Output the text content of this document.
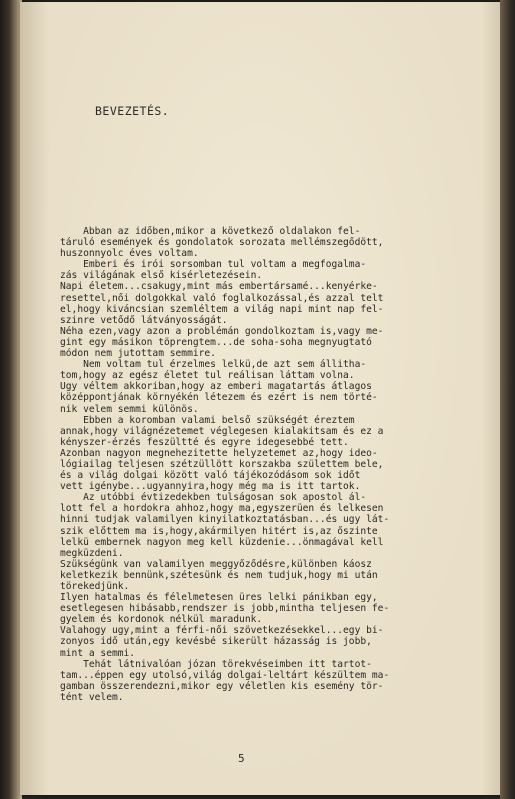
BEVEZETÉS.
Abban az időben,mikor a következő oldalakon fel-
táruló események és gondolatok sorozata mellémszegődött,
huszonnyolc éves voltam.
Emberi és irói sorsomban tul voltam a megfogalma-
zás világának első kisérletezésein.
Napi életem...csakugy,mint más embertársamé...kenyérke-
resettel,női dolgokkal való foglalkozással,és azzal telt
el,hogy kiváncsian szemléltem a világ napi mint nap fel-
szinre vetődő látványosságát.
Néha ezen,vagy azon a problémán gondolkoztam is,vagy me-
gint egy másikon töprengtem...de soha-soha megnyugtató
módon nem jutottam semmire.
Nem voltam tul érzelmes lelkü,de azt sem állitha-
tom,hogy az egész életet tul reálisan láttam volna.
Ugy véltem akkoriban,hogy az emberi magatartás átlagos
középpontjának környékén létezem és ezért is nem törté-
nik velem semmi különös.
Ebben a koromban valami belső szükségét éreztem
annak,hogy világnézetemet véglegesen kialakitsam és ez a
kényszer-érzés feszültté és egyre idegesebbé tett.
Azonban nagyon megnehezitette helyzetemet az,hogy ideo-
lógiailag teljesen szétzüllött korszakba születtem bele,
és a világ dolgai között való tájékozódásom sok időt
vett igénybe...ugyannyira,hogy még ma is itt tartok.
Az utóbbi évtizedekben tulságosan sok apostol ál-
lott fel a hordokra ahhoz,hogy ma,egyszerüen és lelkesen
hinni tudjak valamilyen kinyilatkoztatásban...és ugy lát-
szik előttem ma is,hogy,akármilyen hitért is,az őszinte
lelkü embernek nagyon meg kell küzdenie...önmagával kell
megküzdeni.
Szükségünk van valamilyen meggyőződésre,különben káosz
keletkezik bennünk,szétesünk és nem tudjuk,hogy mi után
törekedjünk.
Ilyen hatalmas és félelmetesen üres lelki pánikban egy,
esetlegesen hibásabb,rendszer is jobb,mintha teljesen fe-
gyelem és kordonok nélkül maradunk.
Valahogy ugy,mint a férfi-női szövetkezésekkel...egy bi-
zonyos idő után,egy kevésbé sikerült házasság is jobb,
mint a semmi.
Tehát látnivalóan józan törekvéseimben itt tartot-
tam...éppen egy utolsó,világ dolgai-leltárt készültem ma-
gamban összerendezni,mikor egy véletlen kis esemény tör-
tént velem.
5
